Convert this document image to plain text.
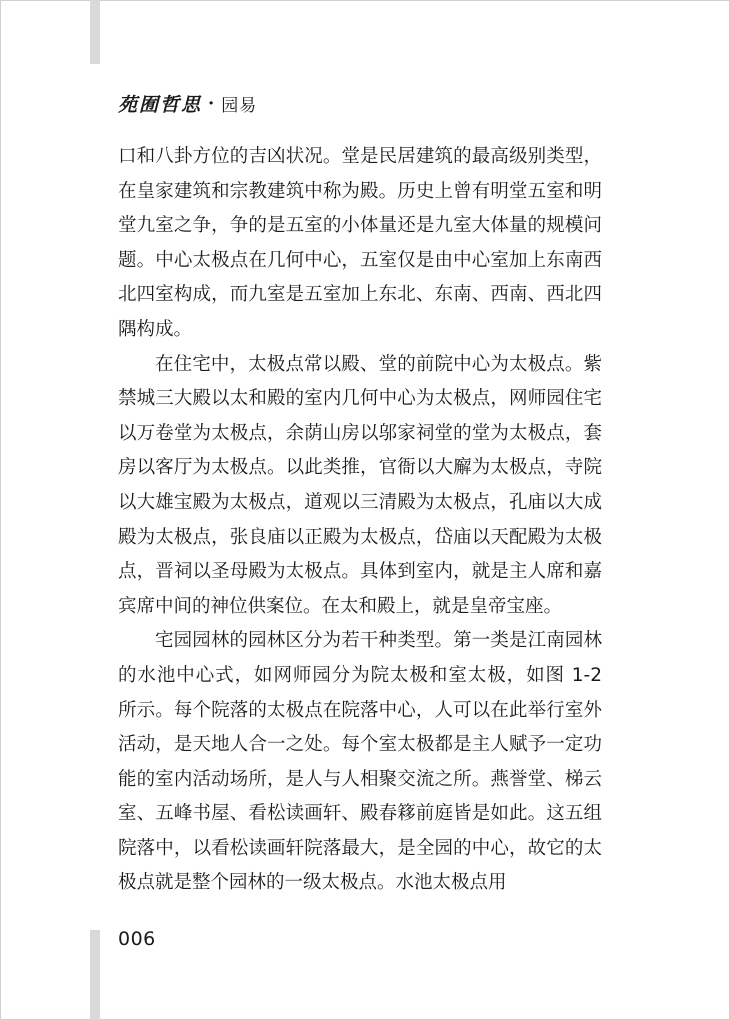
苑囿哲思 · 园易

口和八卦方位的吉凶状况。堂是民居建筑的最高级别类型，在皇家建筑和宗教建筑中称为殿。历史上曾有明堂五室和明堂九室之争，争的是五室的小体量还是九室大体量的规模问题。中心太极点在几何中心，五室仅是由中心室加上东南西北四室构成，而九室是五室加上东北、东南、西南、西北四隅构成。

在住宅中，太极点常以殿、堂的前院中心为太极点。紫禁城三大殿以太和殿的室内几何中心为太极点，网师园住宅以万卷堂为太极点，余荫山房以邬家祠堂的堂为太极点，套房以客厅为太极点。以此类推，官衙以大廨为太极点，寺院以大雄宝殿为太极点，道观以三清殿为太极点，孔庙以大成殿为太极点，张良庙以正殿为太极点，岱庙以天配殿为太极点，晋祠以圣母殿为太极点。具体到室内，就是主人席和嘉宾席中间的神位供案位。在太和殿上，就是皇帝宝座。

宅园园林的园林区分为若干种类型。第一类是江南园林的水池中心式，如网师园分为院太极和室太极，如图 1-2 所示。每个院落的太极点在院落中心，人可以在此举行室外活动，是天地人合一之处。每个室太极都是主人赋予一定功能的室内活动场所，是人与人相聚交流之所。燕誉堂、梯云室、五峰书屋、看松读画轩、殿春簃前庭皆是如此。这五组院落中，以看松读画轩院落最大，是全园的中心，故它的太极点就是整个园林的一级太极点。水池太极点用

006
